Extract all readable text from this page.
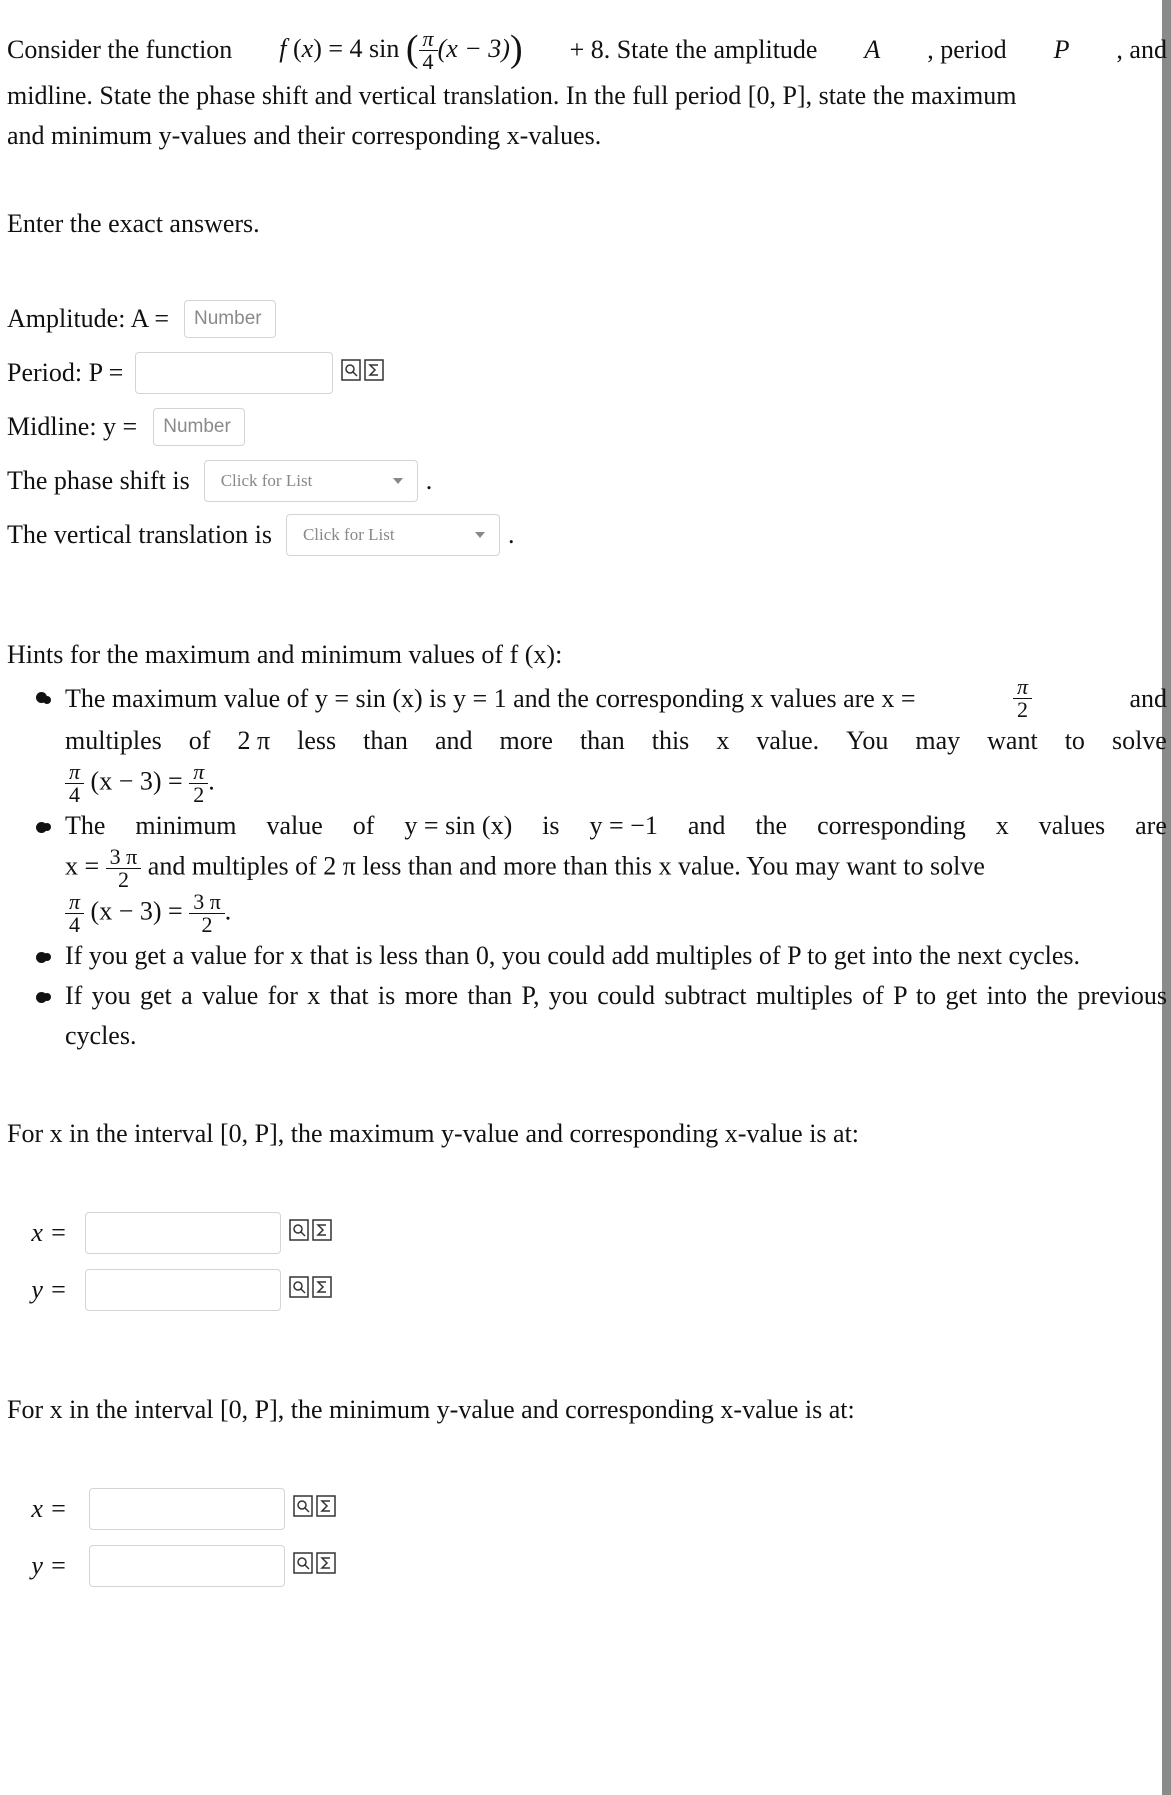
Consider the function f (x) = 4 sin ( $\frac{\pi}{4} (x - 3)) + 8$. State the amplitude A , period P , and
midline. State the phase shift and vertical translation. In the full period [0, P], state the maximum
and minimum y-values and their corresponding x-values.

Enter the exact answers.

Amplitude: A =	Number
Period: P =
Midline: y =	Number
The phase shift is Click for List	.
The vertical translation is Click for List	.

Hints for the maximum and minimum values of f (x):

• The maximum value of y = sin (x) is y = 1 and the corresponding x values are x =	$\frac{\pi}{2}$	and
multiples of 2 π less than and more than this x value. You may want to solve
$\frac{\pi}{4} (x - 3) = \frac{\pi}{2}$ .
• The minimum value of y = sin (x) is y = −1 and the corresponding x values are
$x = \frac{3 \pi}{2}$ and multiples of 2 π less than and more than this x value. You may want to solve
$\frac{\pi}{4} (x - 3) = \frac{3 \pi}{2}$ .
• If you get a value for x that is less than 0, you could add multiples of P to get into the next cycles.
• If you get a value for x that is more than P, you could subtract multiples of P to get into the previous cycles.

For x in the interval [0, P], the maximum y-value and corresponding x-value is at:

x =
y =

For x in the interval [0, P], the minimum y-value and corresponding x-value is at:

x =
y =
